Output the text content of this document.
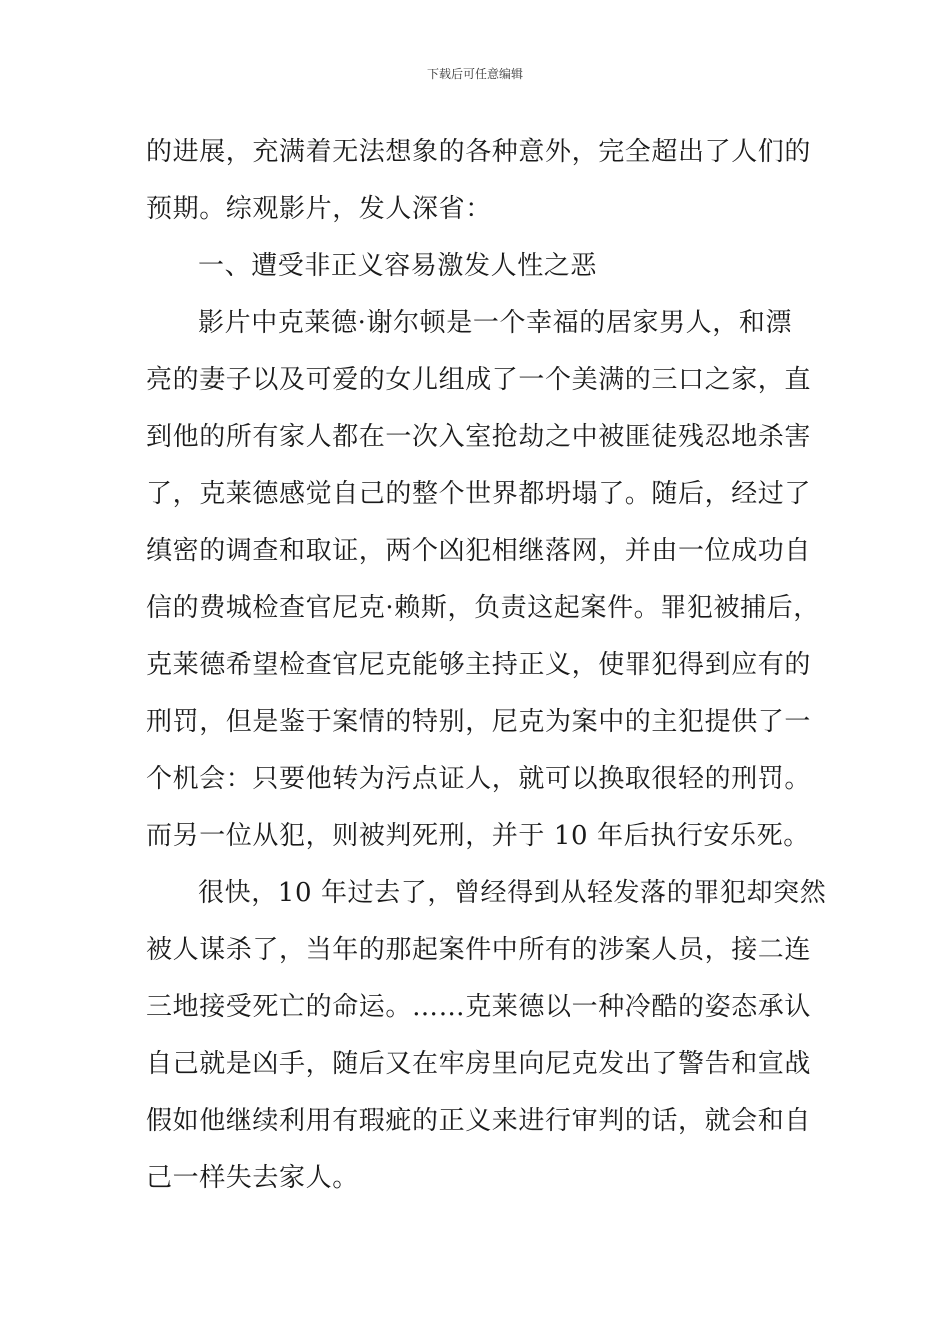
下载后可任意编辑
的进展，充满着无法想象的各种意外，完全超出了人们的
预期。综观影片，发人深省：
一、遭受非正义容易激发人性之恶
影片中克莱德·谢尔顿是一个幸福的居家男人，和漂
亮的妻子以及可爱的女儿组成了一个美满的三口之家，直
到他的所有家人都在一次入室抢劫之中被匪徒残忍地杀害
了，克莱德感觉自己的整个世界都坍塌了。随后，经过了
缜密的调查和取证，两个凶犯相继落网，并由一位成功自
信的费城检查官尼克·赖斯，负责这起案件。罪犯被捕后，
克莱德希望检查官尼克能够主持正义，使罪犯得到应有的
刑罚，但是鉴于案情的特别，尼克为案中的主犯提供了一
个机会：只要他转为污点证人，就可以换取很轻的刑罚。
而另一位从犯，则被判死刑，并于 10 年后执行安乐死。
很快，10 年过去了，曾经得到从轻发落的罪犯却突然
被人谋杀了，当年的那起案件中所有的涉案人员，接二连
三地接受死亡的命运。……克莱德以一种冷酷的姿态承认
自己就是凶手，随后又在牢房里向尼克发出了警告和宣战
假如他继续利用有瑕疵的正义来进行审判的话，就会和自
己一样失去家人。
